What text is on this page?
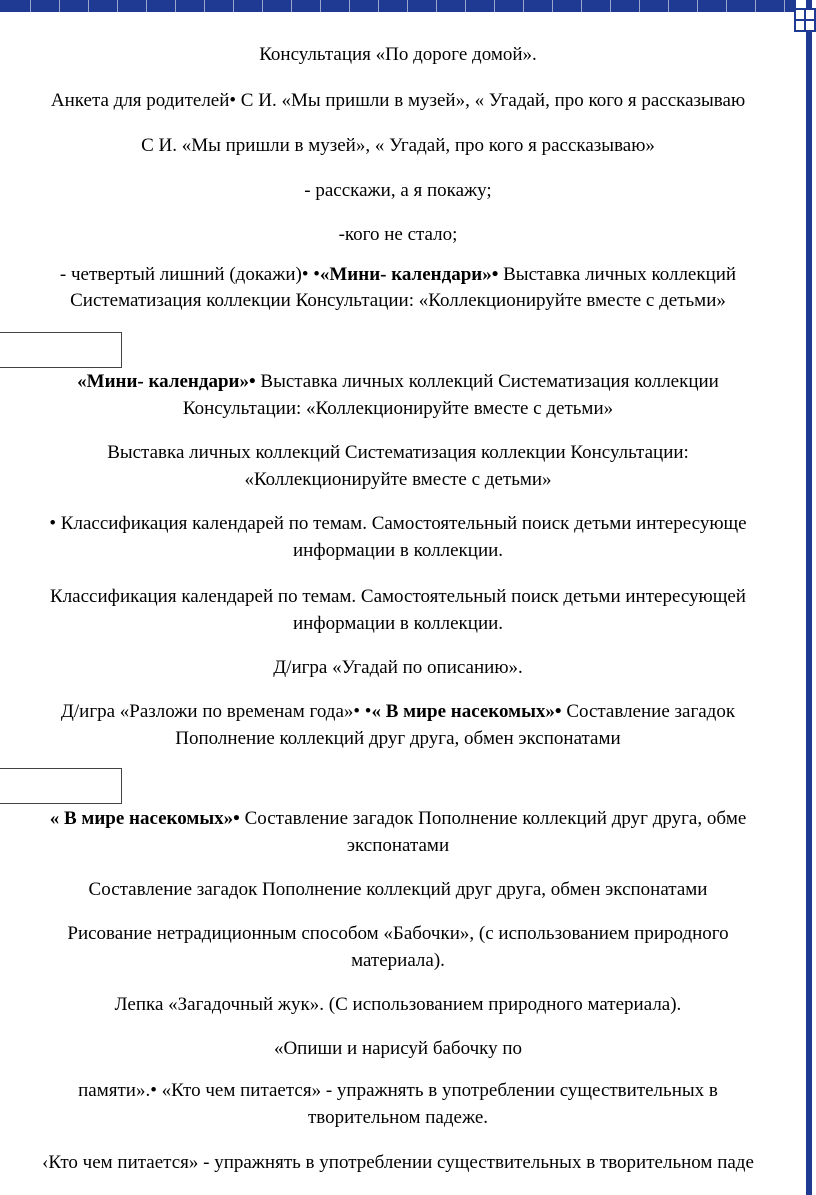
Консультация «По дороге домой».
Анкета для родителей• С И. «Мы пришли в музей», « Угадай, про кого я рассказываю
С И. «Мы пришли в музей», « Угадай, про кого я рассказываю»
- расскажи, а я покажу;
-кого не стало;
- четвертый лишний (докажи)• •«Мини- календари»• Выставка личных коллекций
Систематизация коллекции Консультации: «Коллекционируйте вместе с детьми»
«Мини- календари»• Выставка личных коллекций Систематизация коллекции
Консультации: «Коллекционируйте вместе с детьми»
Выставка личных коллекций Систематизация коллекции Консультации:
«Коллекционируйте вместе с детьми»
• Классификация календарей по темам. Самостоятельный поиск детьми интересующе
информации в коллекции.
Классификация календарей по темам. Самостоятельный поиск детьми интересующей
информации в коллекции.
Д/игра «Угадай по описанию».
Д/игра «Разложи по временам года»• •« В мире насекомых»• Составление загадок
Пополнение коллекций друг друга, обмен экспонатами
« В мире насекомых»• Составление загадок Пополнение коллекций друг друга, обме
экспонатами
Составление загадок Пополнение коллекций друг друга, обмен экспонатами
Рисование нетрадиционным способом «Бабочки», (с использованием природного
материала).
Лепка «Загадочный жук». (С использованием природного материала).
«Опиши и нарисуй бабочку по
памяти».• «Кто чем питается» - упражнять в употреблении существительных в
творительном падеже.
‹Кто чем питается» - упражнять в употреблении существительных в творительном паде
